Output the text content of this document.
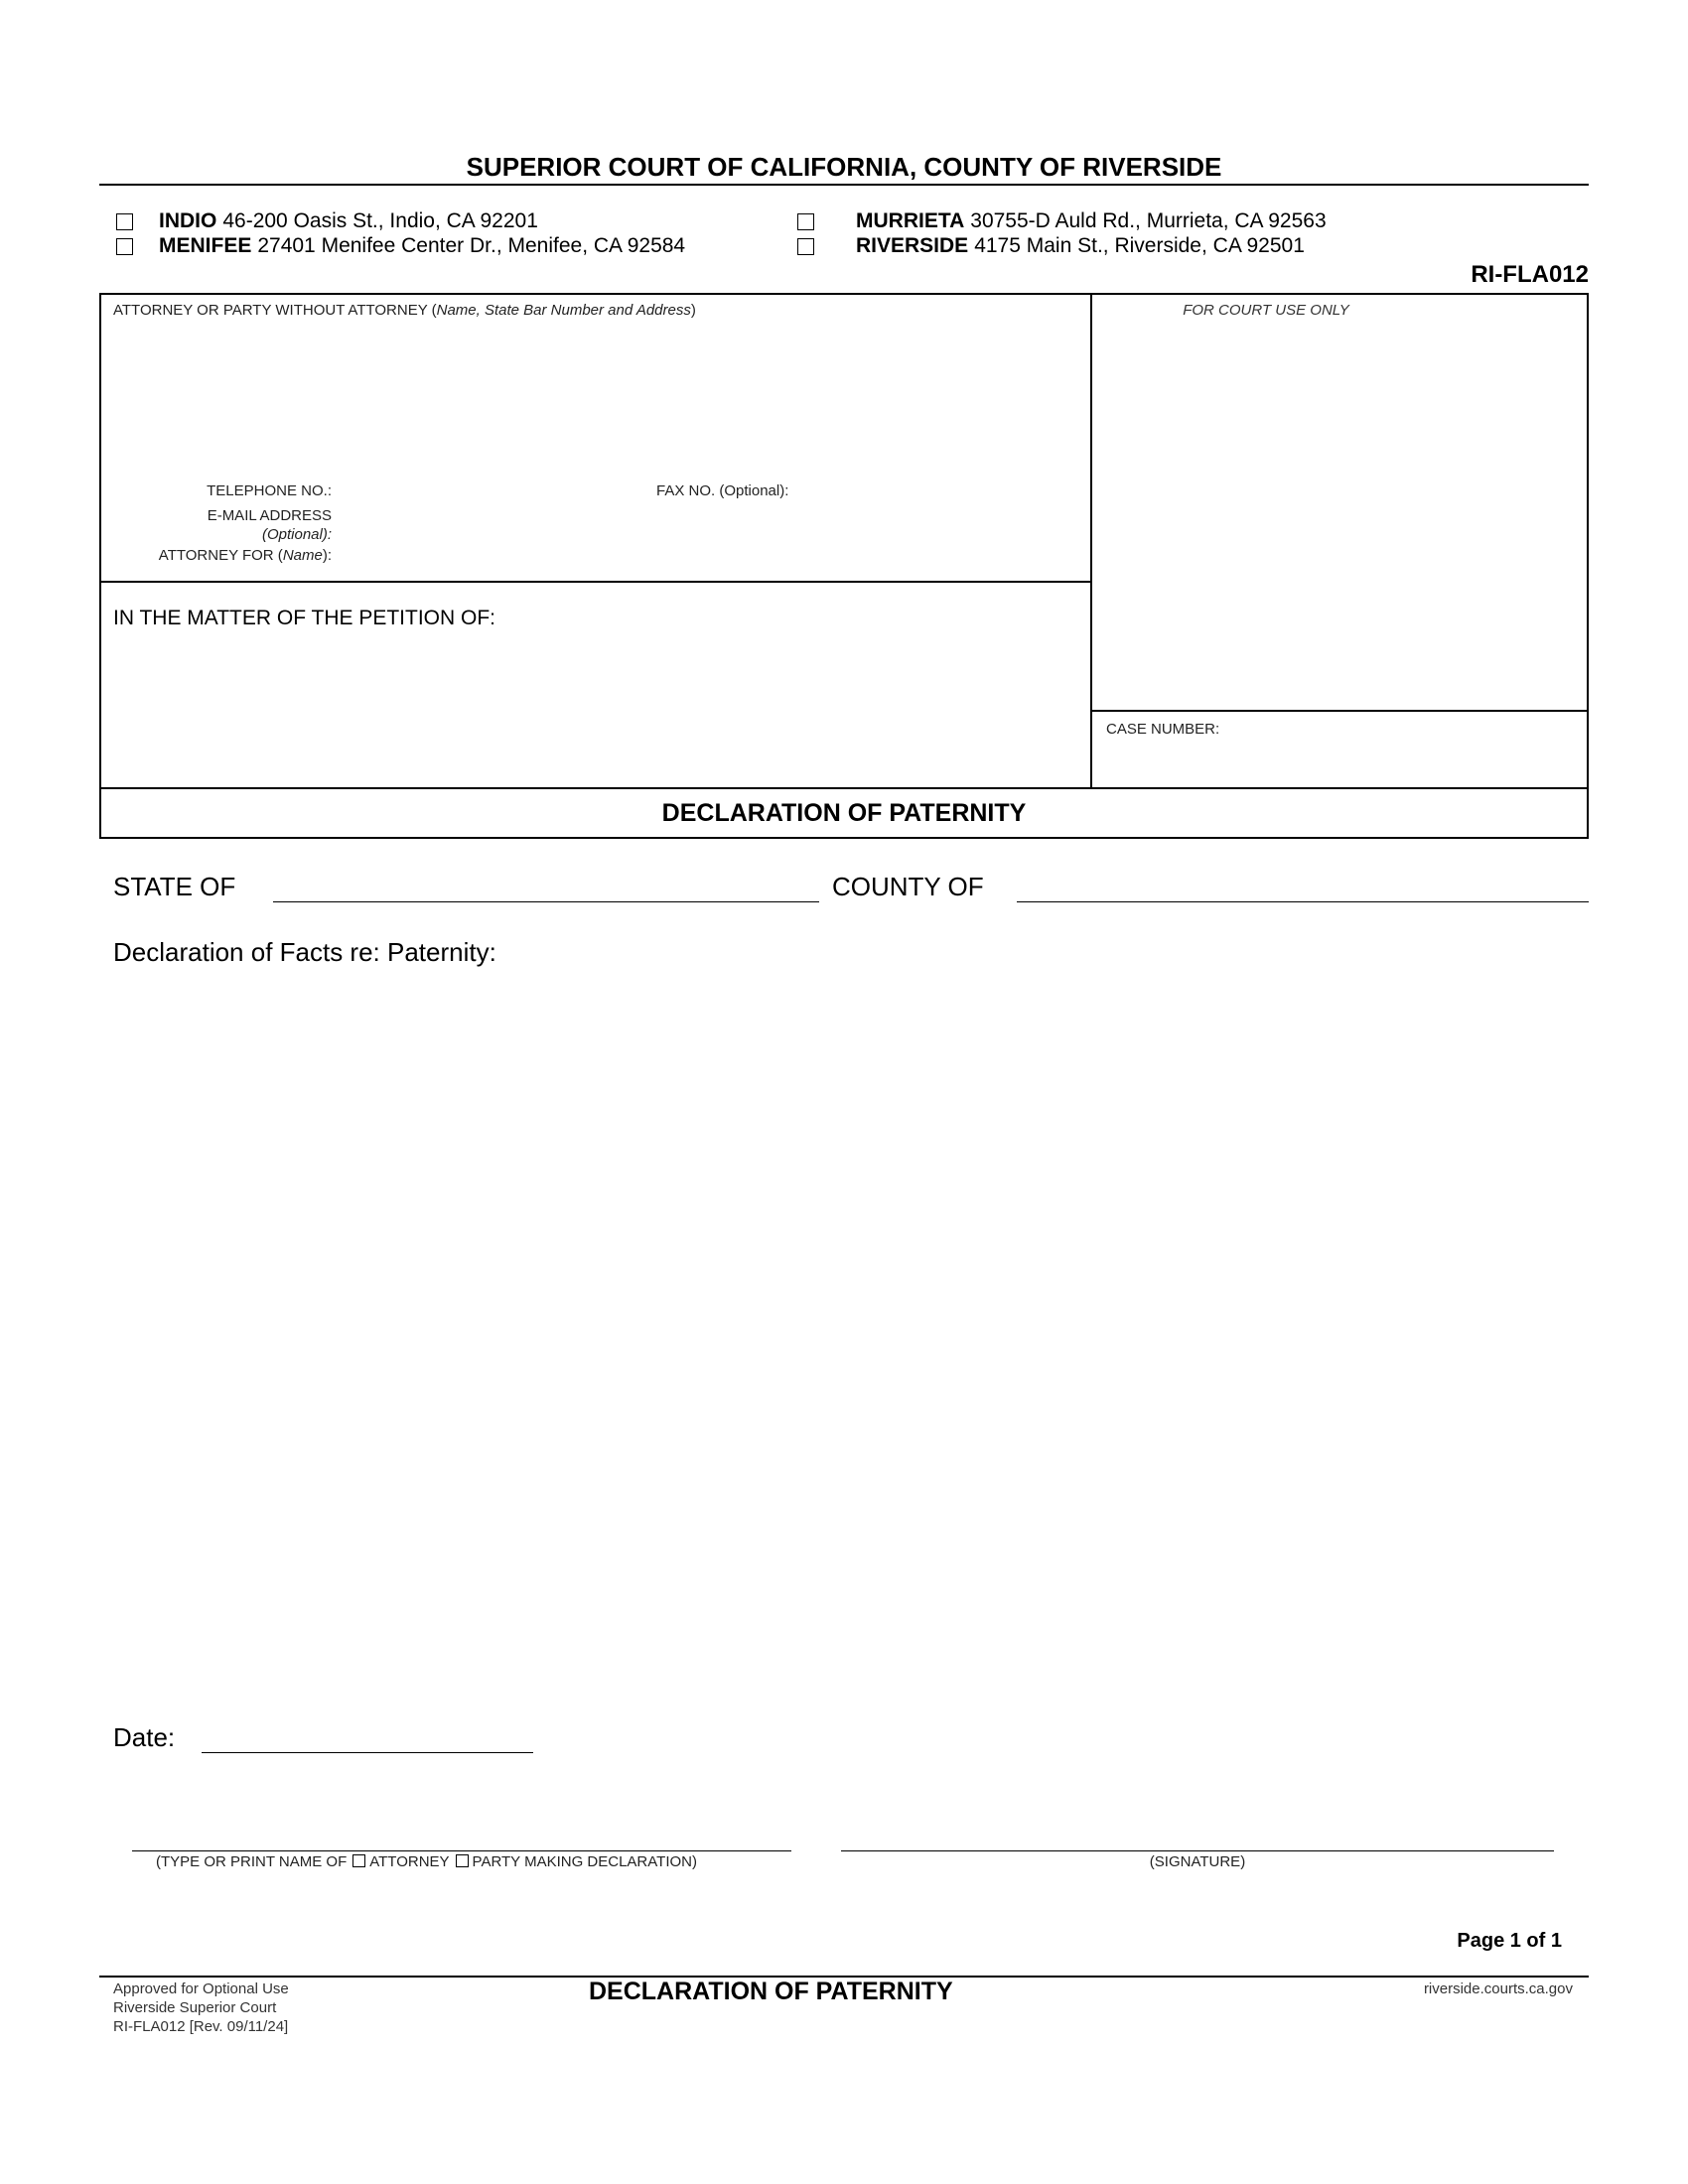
SUPERIOR COURT OF CALIFORNIA, COUNTY OF RIVERSIDE
INDIO 46-200 Oasis St., Indio, CA 92201
MENIFEE 27401 Menifee Center Dr., Menifee, CA 92584
MURRIETA 30755-D Auld Rd., Murrieta, CA 92563
RIVERSIDE 4175 Main St., Riverside, CA 92501
RI-FLA012
ATTORNEY OR PARTY WITHOUT ATTORNEY (Name, State Bar Number and Address)
TELEPHONE NO.:	FAX NO. (Optional):
E-MAIL ADDRESS
(Optional):
ATTORNEY FOR (Name):
IN THE MATTER OF THE PETITION OF:
FOR COURT USE ONLY
CASE NUMBER:
DECLARATION OF PATERNITY
STATE OF	COUNTY OF
Declaration of Facts re: Paternity:
Date:
(TYPE OR PRINT NAME OF ATTORNEY PARTY MAKING DECLARATION)	(SIGNATURE)
Page 1 of 1
Approved for Optional Use
Riverside Superior Court
RI-FLA012 [Rev. 09/11/24]
DECLARATION OF PATERNITY	riverside.courts.ca.gov
